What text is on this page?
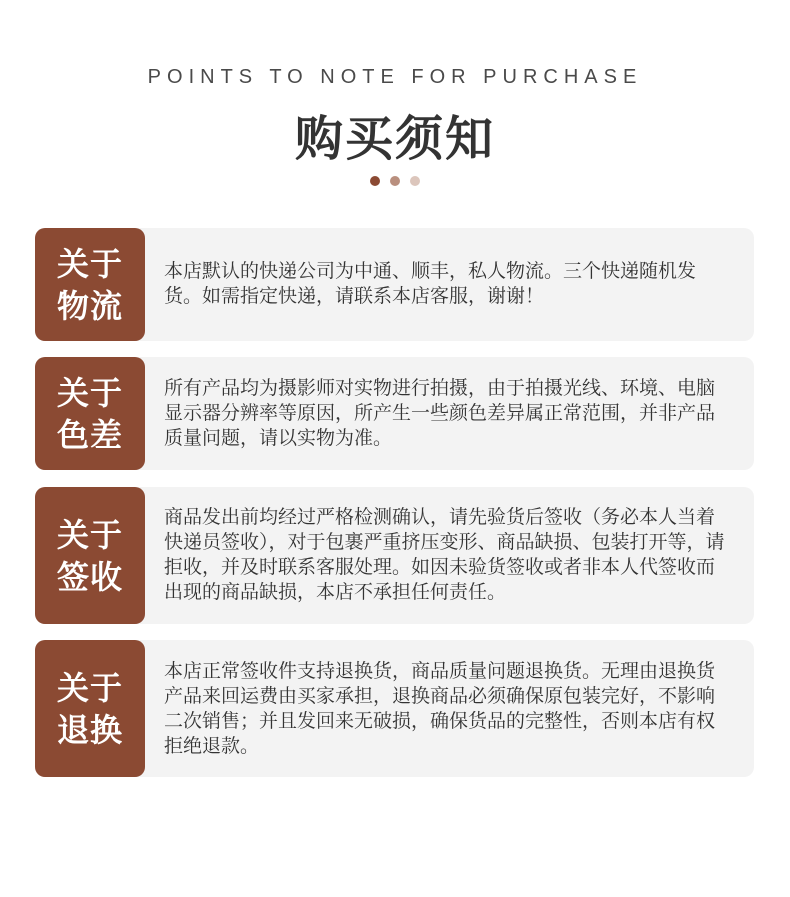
POINTS TO NOTE FOR PURCHASE
购买须知
关于
物流
本店默认的快递公司为中通、顺丰，私人物流。三个快递随机发货。如需指定快递，请联系本店客服，谢谢！
关于
色差
所有产品均为摄影师对实物进行拍摄，由于拍摄光线、环境、电脑显示器分辨率等原因，所产生一些颜色差异属正常范围，并非产品质量问题，请以实物为准。
关于
签收
商品发出前均经过严格检测确认，请先验货后签收（务必本人当着快递员签收），对于包裹严重挤压变形、商品缺损、包装打开等，请拒收，并及时联系客服处理。如因未验货签收或者非本人代签收而出现的商品缺损，本店不承担任何责任。
关于
退换
本店正常签收件支持退换货，商品质量问题退换货。无理由退换货产品来回运费由买家承担，退换商品必须确保原包装完好，不影响二次销售；并且发回来无破损，确保货品的完整性，否则本店有权拒绝退款。
